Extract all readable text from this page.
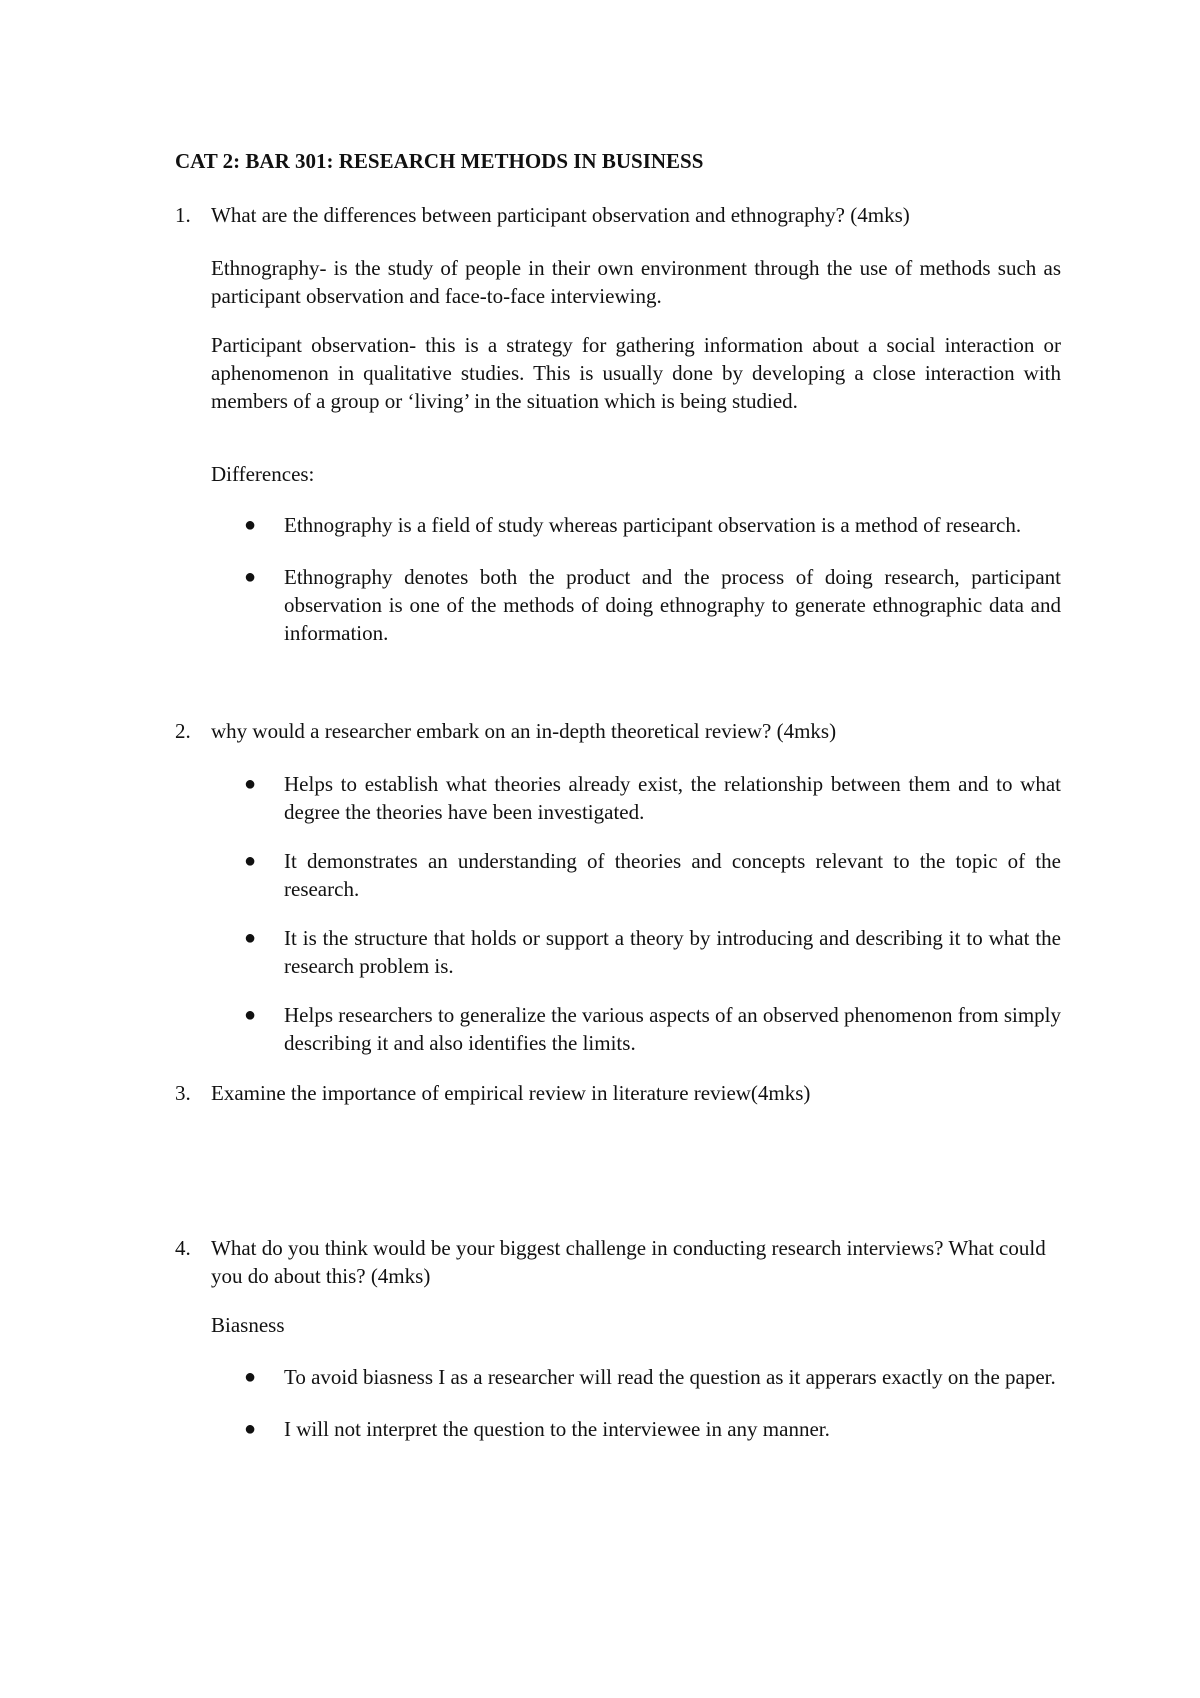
CAT 2: BAR 301: RESEARCH METHODS IN BUSINESS
1. What are the differences between participant observation and ethnography? (4mks)
Ethnography- is the study of people in their own environment through the use of methods such as participant observation and face-to-face interviewing.
Participant observation- this is a strategy for gathering information about a social interaction or aphenomenon in qualitative studies. This is usually done by developing a close interaction with members of a group or ‘living’ in the situation which is being studied.
Differences:
● Ethnography is a field of study whereas participant observation is a method of research.
● Ethnography denotes both the product and the process of doing research, participant observation is one of the methods of doing ethnography to generate ethnographic data and information.
2. why would a researcher embark on an in-depth theoretical review? (4mks)
● Helps to establish what theories already exist, the relationship between them and to what degree the theories have been investigated.
● It demonstrates an understanding of theories and concepts relevant to the topic of the research.
● It is the structure that holds or support a theory by introducing and describing it to what the research problem is.
● Helps researchers to generalize the various aspects of an observed phenomenon from simply describing it and also identifies the limits.
3. Examine the importance of empirical review in literature review(4mks)
4. What do you think would be your biggest challenge in conducting research interviews? What could you do about this? (4mks)
Biasness
● To avoid biasness I as a researcher will read the question as it apperars exactly on the paper.
● I will not interpret the question to the interviewee in any manner.
